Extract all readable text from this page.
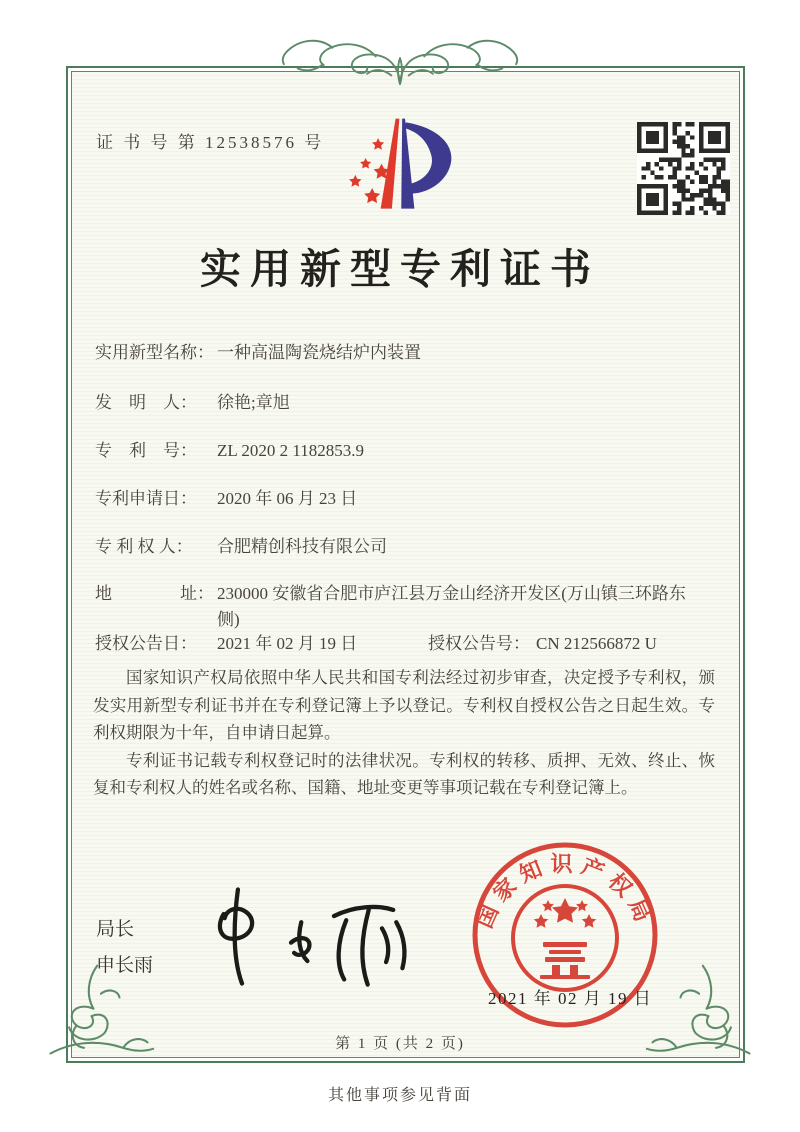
证 书 号 第 12538576 号
实用新型专利证书
实用新型名称： 一种高温陶瓷烧结炉内装置
发　明　人： 徐艳;章旭
专　利　号： ZL 2020 2 1182853.9
专利申请日： 2020 年 06 月 23 日
专 利 权 人： 合肥精创科技有限公司
地　　　　址： 230000 安徽省合肥市庐江县万金山经济开发区(万山镇三环路东侧)
授权公告日： 2021 年 02 月 19 日	授权公告号： CN 212566872 U

国家知识产权局依照中华人民共和国专利法经过初步审查，决定授予专利权，颁发实用新型专利证书并在专利登记簿上予以登记。专利权自授权公告之日起生效。专利权期限为十年，自申请日起算。

专利证书记载专利权登记时的法律状况。专利权的转移、质押、无效、终止、恢复和专利权人的姓名或名称、国籍、地址变更等事项记载在专利登记簿上。

局长
申长雨
国家知识产权局
2021 年 02 月 19 日
第 1 页 (共 2 页)
其他事项参见背面
